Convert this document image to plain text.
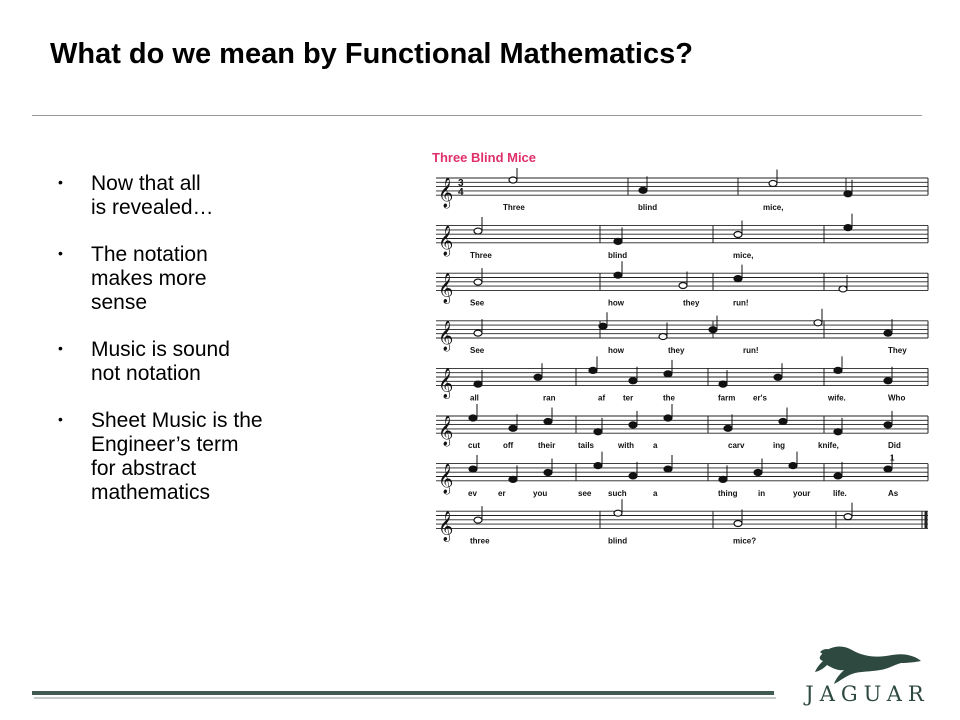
What do we mean by Functional Mathematics?
• Now that all
is revealed…
• The notation
makes more
sense
• Music is sound
not notation
• Sheet Music is the
Engineer’s term
for abstract
mathematics
Three Blind Mice
𝄞 3
4
Three	blind	mice,
𝄞 Three	blind	mice,
𝄞 See	how	they	run!
𝄞 See	how	they	run!	They
𝄞 all	ran	af ter	the	farm er's	wife.	Who
𝄞 cut	off	their	tails	with a	carv	ing	knife,	Did
𝄞 ev	er	you	see such	a	thing	in	your	life.	As
𝄞 three	blind	mice?
1
JAGUAR
